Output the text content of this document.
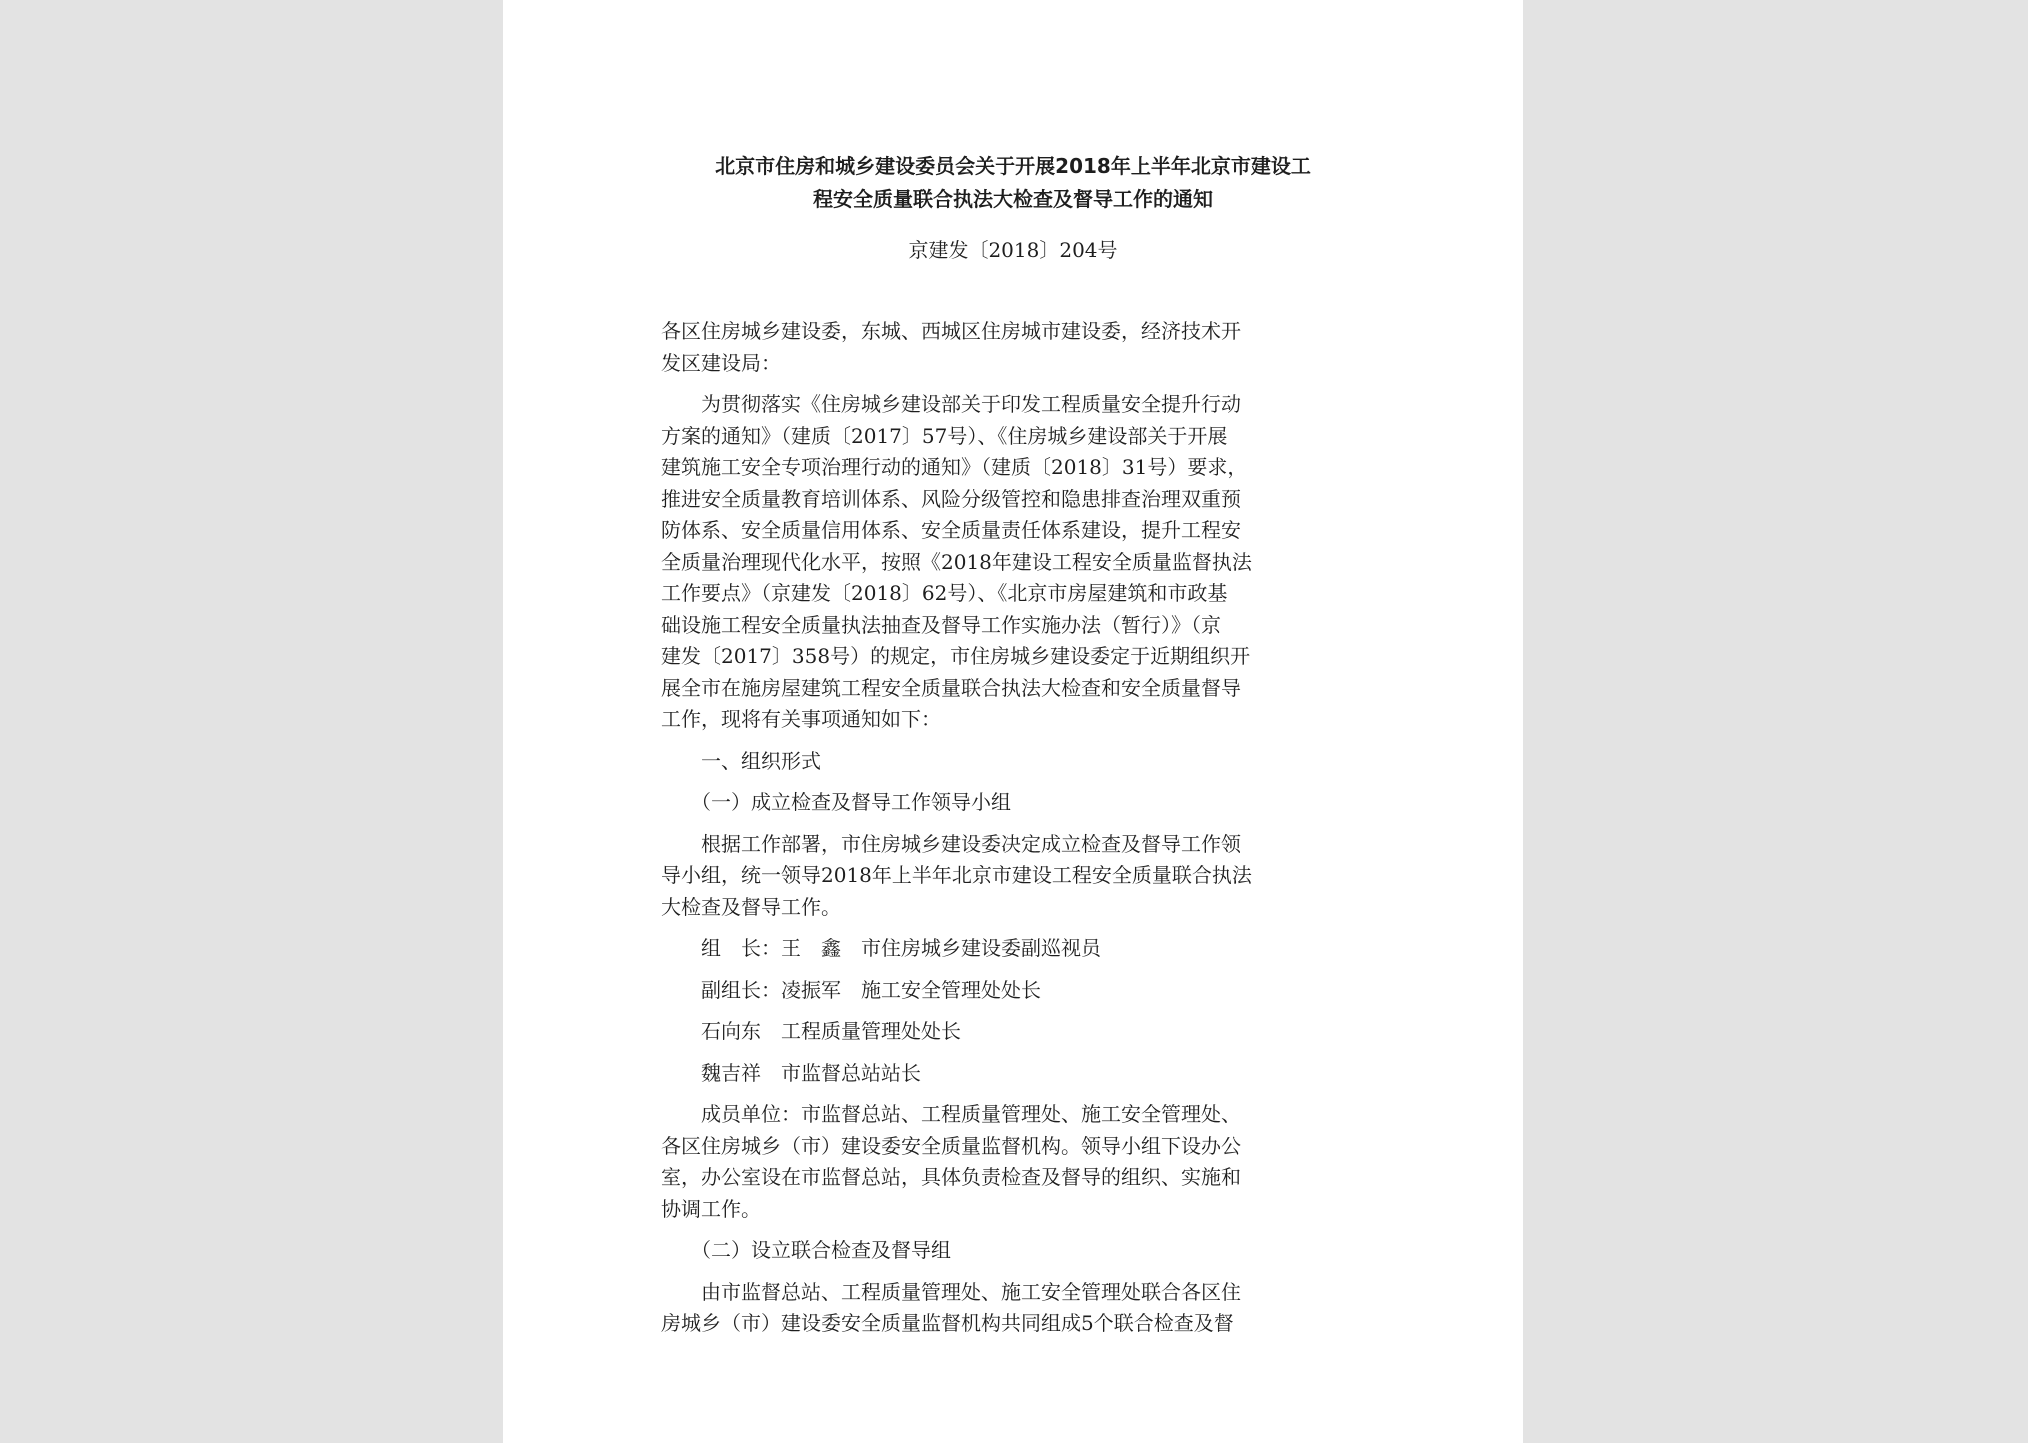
北京市住房和城乡建设委员会关于开展2018年上半年北京市建设工
程安全质量联合执法大检查及督导工作的通知
京建发〔2018〕204号
各区住房城乡建设委，东城、西城区住房城市建设委，经济技术开
发区建设局：
　　为贯彻落实《住房城乡建设部关于印发工程质量安全提升行动
方案的通知》（建质〔2017〕57号）、《住房城乡建设部关于开展
建筑施工安全专项治理行动的通知》（建质〔2018〕31号）要求，
推进安全质量教育培训体系、风险分级管控和隐患排查治理双重预
防体系、安全质量信用体系、安全质量责任体系建设，提升工程安
全质量治理现代化水平，按照《2018年建设工程安全质量监督执法
工作要点》（京建发〔2018〕62号）、《北京市房屋建筑和市政基
础设施工程安全质量执法抽查及督导工作实施办法（暂行）》（京
建发〔2017〕358号）的规定，市住房城乡建设委定于近期组织开
展全市在施房屋建筑工程安全质量联合执法大检查和安全质量督导
工作，现将有关事项通知如下：
　　一、组织形式
　　（一）成立检查及督导工作领导小组
　　根据工作部署，市住房城乡建设委决定成立检查及督导工作领
导小组，统一领导2018年上半年北京市建设工程安全质量联合执法
大检查及督导工作。
　　组　长：王　鑫　市住房城乡建设委副巡视员
　　副组长：凌振军　施工安全管理处处长
　　石向东　工程质量管理处处长
　　魏吉祥　市监督总站站长
　　成员单位：市监督总站、工程质量管理处、施工安全管理处、
各区住房城乡（市）建设委安全质量监督机构。领导小组下设办公
室，办公室设在市监督总站，具体负责检查及督导的组织、实施和
协调工作。
　　（二）设立联合检查及督导组
　　由市监督总站、工程质量管理处、施工安全管理处联合各区住
房城乡（市）建设委安全质量监督机构共同组成5个联合检查及督
